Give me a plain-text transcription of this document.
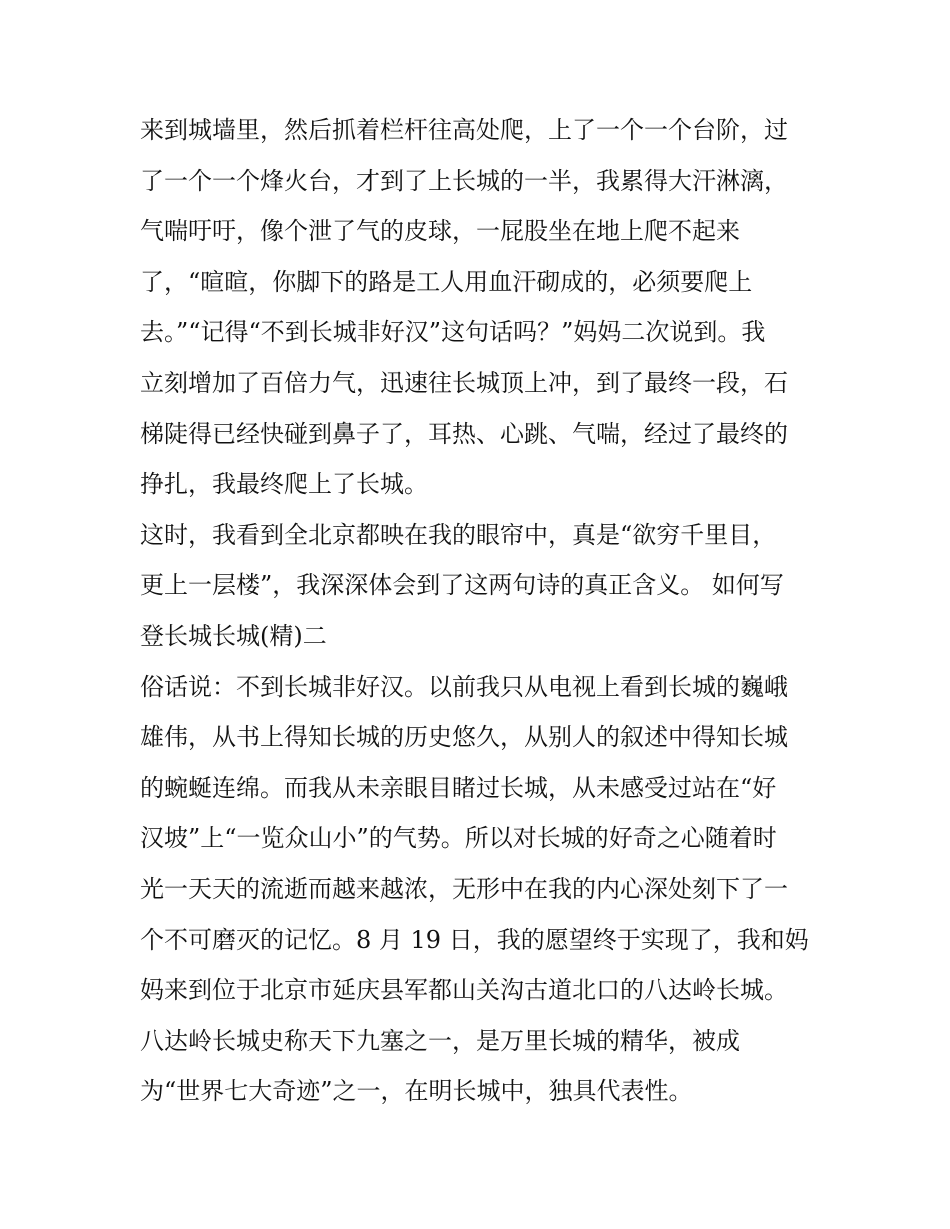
来到城墙里，然后抓着栏杆往高处爬，上了一个一个台阶，过
了一个一个烽火台，才到了上长城的一半，我累得大汗淋漓，
气喘吁吁，像个泄了气的皮球，一屁股坐在地上爬不起来
了，“暄暄，你脚下的路是工人用血汗砌成的，必须要爬上
去。”“记得“不到长城非好汉”这句话吗？”妈妈二次说到。我
立刻增加了百倍力气，迅速往长城顶上冲，到了最终一段，石
梯陡得已经快碰到鼻子了，耳热、心跳、气喘，经过了最终的
挣扎，我最终爬上了长城。
这时，我看到全北京都映在我的眼帘中，真是“欲穷千里目，
更上一层楼”，我深深体会到了这两句诗的真正含义。 如何写
登长城长城(精)二
俗话说：不到长城非好汉。以前我只从电视上看到长城的巍峨
雄伟，从书上得知长城的历史悠久，从别人的叙述中得知长城
的蜿蜒连绵。而我从未亲眼目睹过长城，从未感受过站在“好
汉坡”上“一览众山小”的气势。所以对长城的好奇之心随着时
光一天天的流逝而越来越浓，无形中在我的内心深处刻下了一
个不可磨灭的记忆。8 月 19 日，我的愿望终于实现了，我和妈
妈来到位于北京市延庆县军都山关沟古道北口的八达岭长城。
八达岭长城史称天下九塞之一，是万里长城的精华，被成
为“世界七大奇迹”之一，在明长城中，独具代表性。
